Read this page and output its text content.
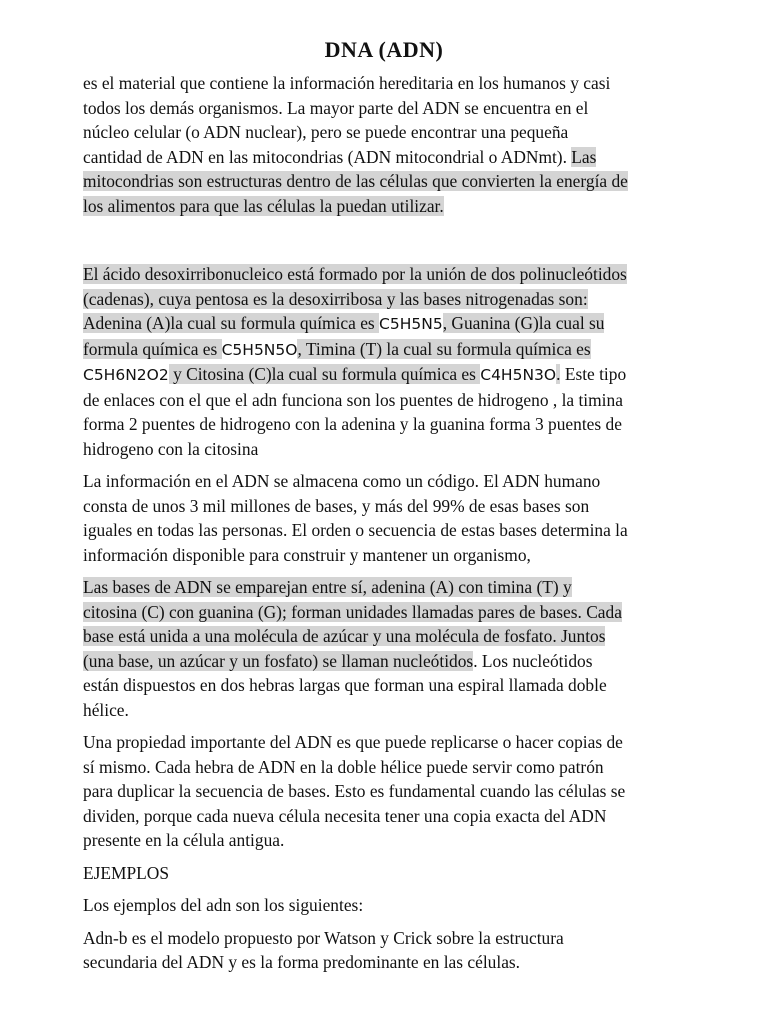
DNA (ADN)

es el material que contiene la información hereditaria en los humanos y casi
todos los demás organismos. La mayor parte del ADN se encuentra en el
núcleo celular (o ADN nuclear), pero se puede encontrar una pequeña
cantidad de ADN en las mitocondrias (ADN mitocondrial o ADNmt). Las
mitocondrias son estructuras dentro de las células que convierten la energía de
los alimentos para que las células la puedan utilizar.

El ácido desoxirribonucleico está formado por la unión de dos polinucleótidos
(cadenas), cuya pentosa es la desoxirribosa y las bases nitrogenadas son:
Adenina (A)la cual su formula química es C5H5N5, Guanina (G)la cual su
formula química es C5H5N5O, Timina (T) la cual su formula química es
C5H6N2O2 y Citosina (C)la cual su formula química es C4H5N3O. Este tipo
de enlaces con el que el adn funciona son los puentes de hidrogeno , la timina
forma 2 puentes de hidrogeno con la adenina y la guanina forma 3 puentes de
hidrogeno con la citosina

La información en el ADN se almacena como un código. El ADN humano
consta de unos 3 mil millones de bases, y más del 99% de esas bases son
iguales en todas las personas. El orden o secuencia de estas bases determina la
información disponible para construir y mantener un organismo,

Las bases de ADN se emparejan entre sí, adenina (A) con timina (T) y
citosina (C) con guanina (G); forman unidades llamadas pares de bases. Cada
base está unida a una molécula de azúcar y una molécula de fosfato. Juntos
(una base, un azúcar y un fosfato) se llaman nucleótidos. Los nucleótidos
están dispuestos en dos hebras largas que forman una espiral llamada doble
hélice.

Una propiedad importante del ADN es que puede replicarse o hacer copias de
sí mismo. Cada hebra de ADN en la doble hélice puede servir como patrón
para duplicar la secuencia de bases. Esto es fundamental cuando las células se
dividen, porque cada nueva célula necesita tener una copia exacta del ADN
presente en la célula antigua.

EJEMPLOS

Los ejemplos del adn son los siguientes:

Adn-b es el modelo propuesto por Watson y Crick sobre la estructura
secundaria del ADN y es la forma predominante en las células.
